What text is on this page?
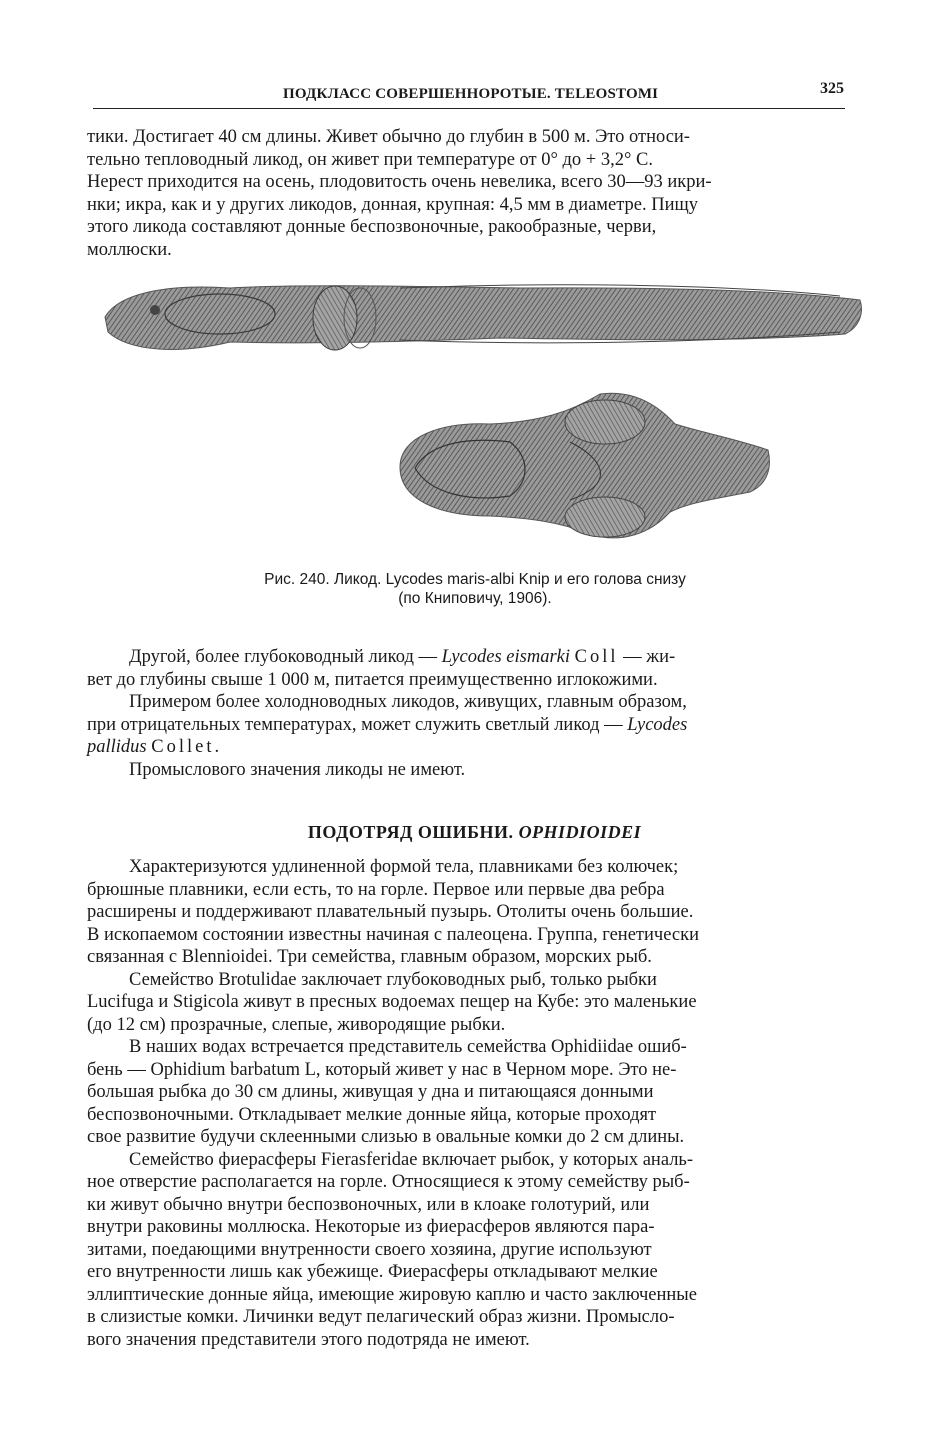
ПОДКЛАСС СОВЕРШЕННОРОТЫЕ. TELEOSTOMI	325

тики. Достигает 40 см длины. Живет обычно до глубин в 500 м. Это относи-

тельно тепловодный ликод, он живет при температуре от 0° до + 3,2° С.

Нерест приходится на осень, плодовитость очень невелика, всего 30—93 икри-

нки; икра, как и у других ликодов, донная, крупная: 4,5 мм в диаметре. Пищу

этого ликода составляют донные беспозвоночные, ракообразные, черви,

моллюски.

Рис. 240. Ликод. Lycodes maris-albi Knip и его голова снизу
(по Книповичу, 1906).

Другой, более глубоководный ликод — Lycodes eismarki Coll — жи-

вет до глубины свыше 1 000 м, питается преимущественно иглокожими.

Примером более холодноводных ликодов, живущих, главным образом,

при отрицательных температурах, может служить светлый ликод — Lycodes

pallidus Collet.

Промыслового значения ликоды не имеют.

ПОДОТРЯД ОШИБНИ. OPHIDIOIDEI

Характеризуются удлиненной формой тела, плавниками без колючек;

брюшные плавники, если есть, то на горле. Первое или первые два ребра

расширены и поддерживают плавательный пузырь. Отолиты очень большие.

В ископаемом состоянии известны начиная с палеоцена. Группа, генетически

связанная с Blennioidei. Три семейства, главным образом, морских рыб.

Семейство Brotulidae заключает глубоководных рыб, только рыбки

Lucifuga и Stigicola живут в пресных водоемах пещер на Кубе: это маленькие

(до 12 см) прозрачные, слепые, живородящие рыбки.

В наших водах встречается представитель семейства Ophidiidae ошиб-

бень — Ophidium barbatum L, который живет у нас в Черном море. Это не-

большая рыбка до 30 см длины, живущая у дна и питающаяся донными

беспозвоночными. Откладывает мелкие донные яйца, которые проходят

свое развитие будучи склеенными слизью в овальные комки до 2 см длины.

Семейство фиерасферы Fierasferidae включает рыбок, у которых аналь-

ное отверстие располагается на горле. Относящиеся к этому семейству рыб-

ки живут обычно внутри беспозвоночных, или в клоаке голотурий, или

внутри раковины моллюска. Некоторые из фиерасферов являются пара-

зитами, поедающими внутренности своего хозяина, другие используют

его внутренности лишь как убежище. Фиерасферы откладывают мелкие

эллиптические донные яйца, имеющие жировую каплю и часто заключенные

в слизистые комки. Личинки ведут пелагический образ жизни. Промысло-

вого значения представители этого подотряда не имеют.
